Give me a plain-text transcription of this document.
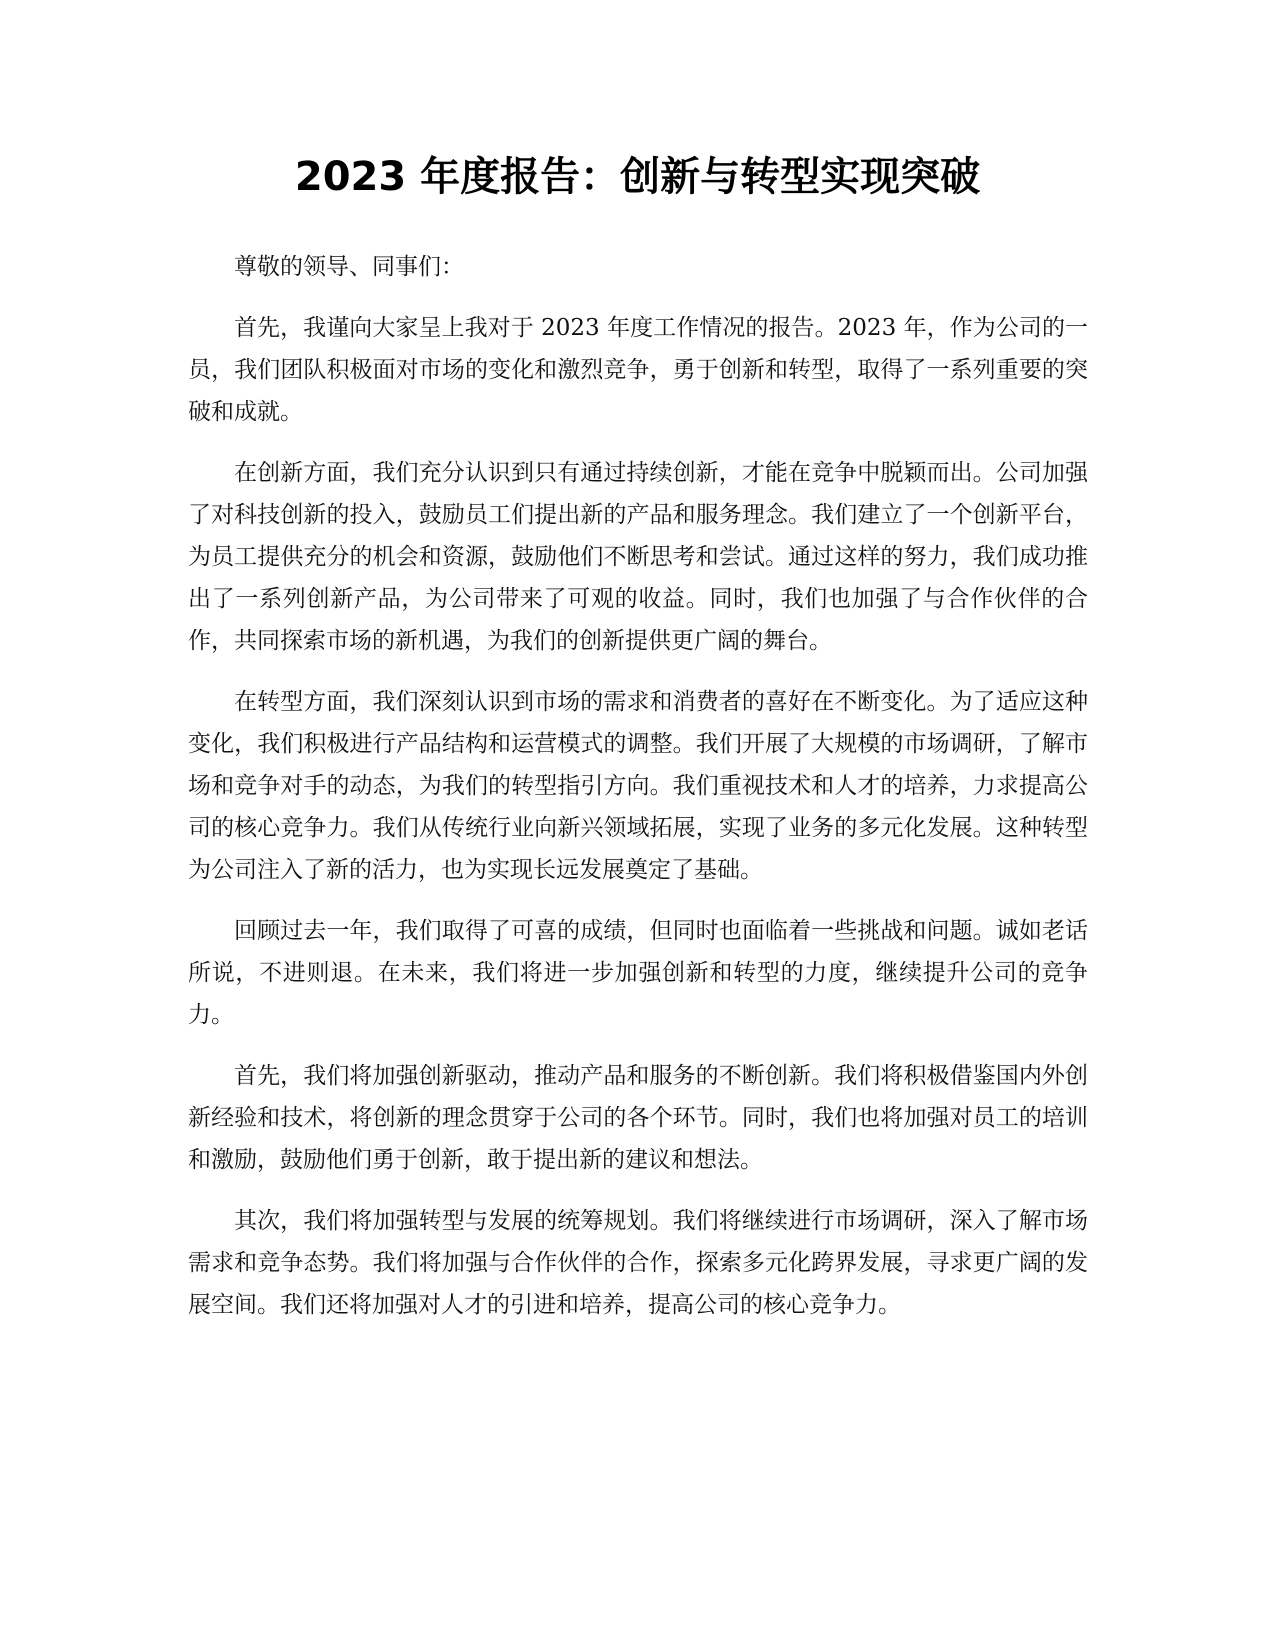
2023 年度报告：创新与转型实现突破

尊敬的领导、同事们：

首先，我谨向大家呈上我对于 2023 年度工作情况的报告。2023 年，作为公司的一员，我们团队积极面对市场的变化和激烈竞争，勇于创新和转型，取得了一系列重要的突破和成就。

在创新方面，我们充分认识到只有通过持续创新，才能在竞争中脱颖而出。公司加强了对科技创新的投入，鼓励员工们提出新的产品和服务理念。我们建立了一个创新平台，为员工提供充分的机会和资源，鼓励他们不断思考和尝试。通过这样的努力，我们成功推出了一系列创新产品，为公司带来了可观的收益。同时，我们也加强了与合作伙伴的合作，共同探索市场的新机遇，为我们的创新提供更广阔的舞台。

在转型方面，我们深刻认识到市场的需求和消费者的喜好在不断变化。为了适应这种变化，我们积极进行产品结构和运营模式的调整。我们开展了大规模的市场调研，了解市场和竞争对手的动态，为我们的转型指引方向。我们重视技术和人才的培养，力求提高公司的核心竞争力。我们从传统行业向新兴领域拓展，实现了业务的多元化发展。这种转型为公司注入了新的活力，也为实现长远发展奠定了基础。

回顾过去一年，我们取得了可喜的成绩，但同时也面临着一些挑战和问题。诚如老话所说，不进则退。在未来，我们将进一步加强创新和转型的力度，继续提升公司的竞争力。

首先，我们将加强创新驱动，推动产品和服务的不断创新。我们将积极借鉴国内外创新经验和技术，将创新的理念贯穿于公司的各个环节。同时，我们也将加强对员工的培训和激励，鼓励他们勇于创新，敢于提出新的建议和想法。

其次，我们将加强转型与发展的统筹规划。我们将继续进行市场调研，深入了解市场需求和竞争态势。我们将加强与合作伙伴的合作，探索多元化跨界发展，寻求更广阔的发展空间。我们还将加强对人才的引进和培养，提高公司的核心竞争力。
